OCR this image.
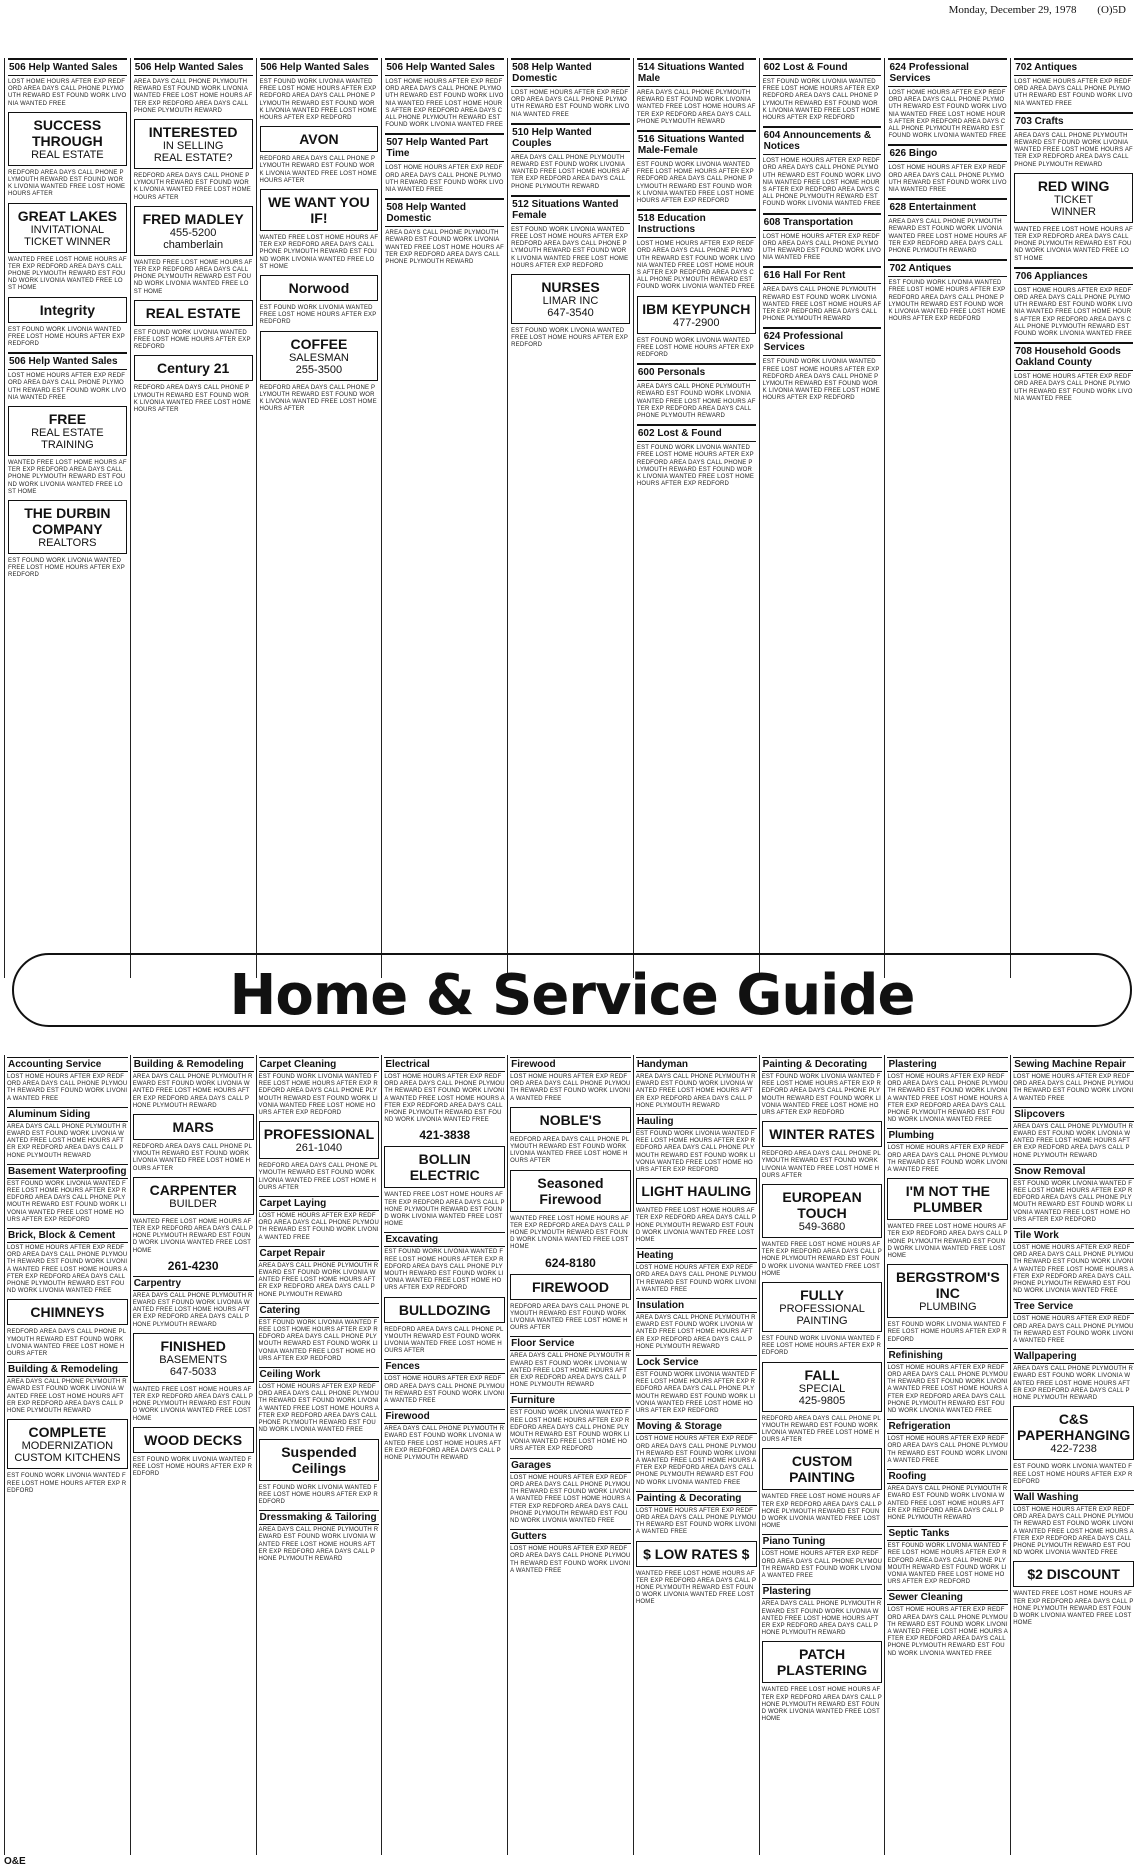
Monday, December 29, 1978 (O)5D
506 Help Wanted Sales
LOST HOME HOURS AFTER EXP REDFORD AREA DAYS CALL PHONE PLYMOUTH REWARD EST FOUND WORK LIVONIA WANTED FREE
SUCCESS THROUGH
REAL ESTATE
REDFORD AREA DAYS CALL PHONE PLYMOUTH REWARD EST FOUND WORK LIVONIA WANTED FREE LOST HOME HOURS AFTER
GREAT LAKES
INVITATIONAL
TICKET WINNER
WANTED FREE LOST HOME HOURS AFTER EXP REDFORD AREA DAYS CALL PHONE PLYMOUTH REWARD EST FOUND WORK LIVONIA WANTED FREE LOST HOME
Integrity
EST FOUND WORK LIVONIA WANTED FREE LOST HOME HOURS AFTER EXP REDFORD
506 Help Wanted Sales
LOST HOME HOURS AFTER EXP REDFORD AREA DAYS CALL PHONE PLYMOUTH REWARD EST FOUND WORK LIVONIA WANTED FREE
FREE
REAL ESTATE
TRAINING
WANTED FREE LOST HOME HOURS AFTER EXP REDFORD AREA DAYS CALL PHONE PLYMOUTH REWARD EST FOUND WORK LIVONIA WANTED FREE LOST HOME
THE DURBIN COMPANY
REALTORS
EST FOUND WORK LIVONIA WANTED FREE LOST HOME HOURS AFTER EXP REDFORD
506 Help Wanted Sales
AREA DAYS CALL PHONE PLYMOUTH REWARD EST FOUND WORK LIVONIA WANTED FREE LOST HOME HOURS AFTER EXP REDFORD AREA DAYS CALL PHONE PLYMOUTH REWARD
INTERESTED
IN SELLING
REAL ESTATE?
REDFORD AREA DAYS CALL PHONE PLYMOUTH REWARD EST FOUND WORK LIVONIA WANTED FREE LOST HOME HOURS AFTER
FRED MADLEY
455-5200
chamberlain
WANTED FREE LOST HOME HOURS AFTER EXP REDFORD AREA DAYS CALL PHONE PLYMOUTH REWARD EST FOUND WORK LIVONIA WANTED FREE LOST HOME
REAL ESTATE
EST FOUND WORK LIVONIA WANTED FREE LOST HOME HOURS AFTER EXP REDFORD
Century 21
REDFORD AREA DAYS CALL PHONE PLYMOUTH REWARD EST FOUND WORK LIVONIA WANTED FREE LOST HOME HOURS AFTER
506 Help Wanted Sales
EST FOUND WORK LIVONIA WANTED FREE LOST HOME HOURS AFTER EXP REDFORD AREA DAYS CALL PHONE PLYMOUTH REWARD EST FOUND WORK LIVONIA WANTED FREE LOST HOME HOURS AFTER EXP REDFORD
AVON
REDFORD AREA DAYS CALL PHONE PLYMOUTH REWARD EST FOUND WORK LIVONIA WANTED FREE LOST HOME HOURS AFTER
WE WANT YOU IF!
WANTED FREE LOST HOME HOURS AFTER EXP REDFORD AREA DAYS CALL PHONE PLYMOUTH REWARD EST FOUND WORK LIVONIA WANTED FREE LOST HOME
Norwood
EST FOUND WORK LIVONIA WANTED FREE LOST HOME HOURS AFTER EXP REDFORD
COFFEE
SALESMAN
255-3500
REDFORD AREA DAYS CALL PHONE PLYMOUTH REWARD EST FOUND WORK LIVONIA WANTED FREE LOST HOME HOURS AFTER
506 Help Wanted Sales
LOST HOME HOURS AFTER EXP REDFORD AREA DAYS CALL PHONE PLYMOUTH REWARD EST FOUND WORK LIVONIA WANTED FREE LOST HOME HOURS AFTER EXP REDFORD AREA DAYS CALL PHONE PLYMOUTH REWARD EST FOUND WORK LIVONIA WANTED FREE
507 Help Wanted Part Time
LOST HOME HOURS AFTER EXP REDFORD AREA DAYS CALL PHONE PLYMOUTH REWARD EST FOUND WORK LIVONIA WANTED FREE
508 Help Wanted Domestic
AREA DAYS CALL PHONE PLYMOUTH REWARD EST FOUND WORK LIVONIA WANTED FREE LOST HOME HOURS AFTER EXP REDFORD AREA DAYS CALL PHONE PLYMOUTH REWARD
508 Help Wanted Domestic
LOST HOME HOURS AFTER EXP REDFORD AREA DAYS CALL PHONE PLYMOUTH REWARD EST FOUND WORK LIVONIA WANTED FREE
510 Help Wanted Couples
AREA DAYS CALL PHONE PLYMOUTH REWARD EST FOUND WORK LIVONIA WANTED FREE LOST HOME HOURS AFTER EXP REDFORD AREA DAYS CALL PHONE PLYMOUTH REWARD
512 Situations Wanted Female
EST FOUND WORK LIVONIA WANTED FREE LOST HOME HOURS AFTER EXP REDFORD AREA DAYS CALL PHONE PLYMOUTH REWARD EST FOUND WORK LIVONIA WANTED FREE LOST HOME HOURS AFTER EXP REDFORD
NURSES
LIMAR INC
647-3540
EST FOUND WORK LIVONIA WANTED FREE LOST HOME HOURS AFTER EXP REDFORD
514 Situations Wanted Male
AREA DAYS CALL PHONE PLYMOUTH REWARD EST FOUND WORK LIVONIA WANTED FREE LOST HOME HOURS AFTER EXP REDFORD AREA DAYS CALL PHONE PLYMOUTH REWARD
516 Situations Wanted Male-Female
EST FOUND WORK LIVONIA WANTED FREE LOST HOME HOURS AFTER EXP REDFORD AREA DAYS CALL PHONE PLYMOUTH REWARD EST FOUND WORK LIVONIA WANTED FREE LOST HOME HOURS AFTER EXP REDFORD
518 Education Instructions
LOST HOME HOURS AFTER EXP REDFORD AREA DAYS CALL PHONE PLYMOUTH REWARD EST FOUND WORK LIVONIA WANTED FREE LOST HOME HOURS AFTER EXP REDFORD AREA DAYS CALL PHONE PLYMOUTH REWARD EST FOUND WORK LIVONIA WANTED FREE
IBM KEYPUNCH
477-2900
EST FOUND WORK LIVONIA WANTED FREE LOST HOME HOURS AFTER EXP REDFORD
600 Personals
AREA DAYS CALL PHONE PLYMOUTH REWARD EST FOUND WORK LIVONIA WANTED FREE LOST HOME HOURS AFTER EXP REDFORD AREA DAYS CALL PHONE PLYMOUTH REWARD
602 Lost & Found
EST FOUND WORK LIVONIA WANTED FREE LOST HOME HOURS AFTER EXP REDFORD AREA DAYS CALL PHONE PLYMOUTH REWARD EST FOUND WORK LIVONIA WANTED FREE LOST HOME HOURS AFTER EXP REDFORD
602 Lost & Found
EST FOUND WORK LIVONIA WANTED FREE LOST HOME HOURS AFTER EXP REDFORD AREA DAYS CALL PHONE PLYMOUTH REWARD EST FOUND WORK LIVONIA WANTED FREE LOST HOME HOURS AFTER EXP REDFORD
604 Announcements & Notices
LOST HOME HOURS AFTER EXP REDFORD AREA DAYS CALL PHONE PLYMOUTH REWARD EST FOUND WORK LIVONIA WANTED FREE LOST HOME HOURS AFTER EXP REDFORD AREA DAYS CALL PHONE PLYMOUTH REWARD EST FOUND WORK LIVONIA WANTED FREE
608 Transportation
LOST HOME HOURS AFTER EXP REDFORD AREA DAYS CALL PHONE PLYMOUTH REWARD EST FOUND WORK LIVONIA WANTED FREE
616 Hall For Rent
AREA DAYS CALL PHONE PLYMOUTH REWARD EST FOUND WORK LIVONIA WANTED FREE LOST HOME HOURS AFTER EXP REDFORD AREA DAYS CALL PHONE PLYMOUTH REWARD
624 Professional Services
EST FOUND WORK LIVONIA WANTED FREE LOST HOME HOURS AFTER EXP REDFORD AREA DAYS CALL PHONE PLYMOUTH REWARD EST FOUND WORK LIVONIA WANTED FREE LOST HOME HOURS AFTER EXP REDFORD
624 Professional Services
LOST HOME HOURS AFTER EXP REDFORD AREA DAYS CALL PHONE PLYMOUTH REWARD EST FOUND WORK LIVONIA WANTED FREE LOST HOME HOURS AFTER EXP REDFORD AREA DAYS CALL PHONE PLYMOUTH REWARD EST FOUND WORK LIVONIA WANTED FREE
626 Bingo
LOST HOME HOURS AFTER EXP REDFORD AREA DAYS CALL PHONE PLYMOUTH REWARD EST FOUND WORK LIVONIA WANTED FREE
628 Entertainment
AREA DAYS CALL PHONE PLYMOUTH REWARD EST FOUND WORK LIVONIA WANTED FREE LOST HOME HOURS AFTER EXP REDFORD AREA DAYS CALL PHONE PLYMOUTH REWARD
702 Antiques
EST FOUND WORK LIVONIA WANTED FREE LOST HOME HOURS AFTER EXP REDFORD AREA DAYS CALL PHONE PLYMOUTH REWARD EST FOUND WORK LIVONIA WANTED FREE LOST HOME HOURS AFTER EXP REDFORD
702 Antiques
LOST HOME HOURS AFTER EXP REDFORD AREA DAYS CALL PHONE PLYMOUTH REWARD EST FOUND WORK LIVONIA WANTED FREE
703 Crafts
AREA DAYS CALL PHONE PLYMOUTH REWARD EST FOUND WORK LIVONIA WANTED FREE LOST HOME HOURS AFTER EXP REDFORD AREA DAYS CALL PHONE PLYMOUTH REWARD
RED WING
TICKET
WINNER
WANTED FREE LOST HOME HOURS AFTER EXP REDFORD AREA DAYS CALL PHONE PLYMOUTH REWARD EST FOUND WORK LIVONIA WANTED FREE LOST HOME
706 Appliances
LOST HOME HOURS AFTER EXP REDFORD AREA DAYS CALL PHONE PLYMOUTH REWARD EST FOUND WORK LIVONIA WANTED FREE LOST HOME HOURS AFTER EXP REDFORD AREA DAYS CALL PHONE PLYMOUTH REWARD EST FOUND WORK LIVONIA WANTED FREE
708 Household Goods Oakland County
LOST HOME HOURS AFTER EXP REDFORD AREA DAYS CALL PHONE PLYMOUTH REWARD EST FOUND WORK LIVONIA WANTED FREE
Home & Service Guide
Accounting Service
LOST HOME HOURS AFTER EXP REDFORD AREA DAYS CALL PHONE PLYMOUTH REWARD EST FOUND WORK LIVONIA WANTED FREE
Aluminum Siding
AREA DAYS CALL PHONE PLYMOUTH REWARD EST FOUND WORK LIVONIA WANTED FREE LOST HOME HOURS AFTER EXP REDFORD AREA DAYS CALL PHONE PLYMOUTH REWARD
Basement Waterproofing
EST FOUND WORK LIVONIA WANTED FREE LOST HOME HOURS AFTER EXP REDFORD AREA DAYS CALL PHONE PLYMOUTH REWARD EST FOUND WORK LIVONIA WANTED FREE LOST HOME HOURS AFTER EXP REDFORD
Brick, Block & Cement
LOST HOME HOURS AFTER EXP REDFORD AREA DAYS CALL PHONE PLYMOUTH REWARD EST FOUND WORK LIVONIA WANTED FREE LOST HOME HOURS AFTER EXP REDFORD AREA DAYS CALL PHONE PLYMOUTH REWARD EST FOUND WORK LIVONIA WANTED FREE
CHIMNEYS
REDFORD AREA DAYS CALL PHONE PLYMOUTH REWARD EST FOUND WORK LIVONIA WANTED FREE LOST HOME HOURS AFTER
Building & Remodeling
AREA DAYS CALL PHONE PLYMOUTH REWARD EST FOUND WORK LIVONIA WANTED FREE LOST HOME HOURS AFTER EXP REDFORD AREA DAYS CALL PHONE PLYMOUTH REWARD
COMPLETE
MODERNIZATION
CUSTOM KITCHENS
EST FOUND WORK LIVONIA WANTED FREE LOST HOME HOURS AFTER EXP REDFORD
Building & Remodeling
AREA DAYS CALL PHONE PLYMOUTH REWARD EST FOUND WORK LIVONIA WANTED FREE LOST HOME HOURS AFTER EXP REDFORD AREA DAYS CALL PHONE PLYMOUTH REWARD
MARS
REDFORD AREA DAYS CALL PHONE PLYMOUTH REWARD EST FOUND WORK LIVONIA WANTED FREE LOST HOME HOURS AFTER
CARPENTER
BUILDER
WANTED FREE LOST HOME HOURS AFTER EXP REDFORD AREA DAYS CALL PHONE PLYMOUTH REWARD EST FOUND WORK LIVONIA WANTED FREE LOST HOME
261-4230
Carpentry
AREA DAYS CALL PHONE PLYMOUTH REWARD EST FOUND WORK LIVONIA WANTED FREE LOST HOME HOURS AFTER EXP REDFORD AREA DAYS CALL PHONE PLYMOUTH REWARD
FINISHED
BASEMENTS
647-5033
WANTED FREE LOST HOME HOURS AFTER EXP REDFORD AREA DAYS CALL PHONE PLYMOUTH REWARD EST FOUND WORK LIVONIA WANTED FREE LOST HOME
WOOD DECKS
EST FOUND WORK LIVONIA WANTED FREE LOST HOME HOURS AFTER EXP REDFORD
Carpet Cleaning
EST FOUND WORK LIVONIA WANTED FREE LOST HOME HOURS AFTER EXP REDFORD AREA DAYS CALL PHONE PLYMOUTH REWARD EST FOUND WORK LIVONIA WANTED FREE LOST HOME HOURS AFTER EXP REDFORD
PROFESSIONAL
261-1040
REDFORD AREA DAYS CALL PHONE PLYMOUTH REWARD EST FOUND WORK LIVONIA WANTED FREE LOST HOME HOURS AFTER
Carpet Laying
LOST HOME HOURS AFTER EXP REDFORD AREA DAYS CALL PHONE PLYMOUTH REWARD EST FOUND WORK LIVONIA WANTED FREE
Carpet Repair
AREA DAYS CALL PHONE PLYMOUTH REWARD EST FOUND WORK LIVONIA WANTED FREE LOST HOME HOURS AFTER EXP REDFORD AREA DAYS CALL PHONE PLYMOUTH REWARD
Catering
EST FOUND WORK LIVONIA WANTED FREE LOST HOME HOURS AFTER EXP REDFORD AREA DAYS CALL PHONE PLYMOUTH REWARD EST FOUND WORK LIVONIA WANTED FREE LOST HOME HOURS AFTER EXP REDFORD
Ceiling Work
LOST HOME HOURS AFTER EXP REDFORD AREA DAYS CALL PHONE PLYMOUTH REWARD EST FOUND WORK LIVONIA WANTED FREE LOST HOME HOURS AFTER EXP REDFORD AREA DAYS CALL PHONE PLYMOUTH REWARD EST FOUND WORK LIVONIA WANTED FREE
Suspended Ceilings
EST FOUND WORK LIVONIA WANTED FREE LOST HOME HOURS AFTER EXP REDFORD
Dressmaking & Tailoring
AREA DAYS CALL PHONE PLYMOUTH REWARD EST FOUND WORK LIVONIA WANTED FREE LOST HOME HOURS AFTER EXP REDFORD AREA DAYS CALL PHONE PLYMOUTH REWARD
Electrical
LOST HOME HOURS AFTER EXP REDFORD AREA DAYS CALL PHONE PLYMOUTH REWARD EST FOUND WORK LIVONIA WANTED FREE LOST HOME HOURS AFTER EXP REDFORD AREA DAYS CALL PHONE PLYMOUTH REWARD EST FOUND WORK LIVONIA WANTED FREE
421-3838
BOLLIN ELECTRIC
WANTED FREE LOST HOME HOURS AFTER EXP REDFORD AREA DAYS CALL PHONE PLYMOUTH REWARD EST FOUND WORK LIVONIA WANTED FREE LOST HOME
Excavating
EST FOUND WORK LIVONIA WANTED FREE LOST HOME HOURS AFTER EXP REDFORD AREA DAYS CALL PHONE PLYMOUTH REWARD EST FOUND WORK LIVONIA WANTED FREE LOST HOME HOURS AFTER EXP REDFORD
BULLDOZING
REDFORD AREA DAYS CALL PHONE PLYMOUTH REWARD EST FOUND WORK LIVONIA WANTED FREE LOST HOME HOURS AFTER
Fences
LOST HOME HOURS AFTER EXP REDFORD AREA DAYS CALL PHONE PLYMOUTH REWARD EST FOUND WORK LIVONIA WANTED FREE
Firewood
AREA DAYS CALL PHONE PLYMOUTH REWARD EST FOUND WORK LIVONIA WANTED FREE LOST HOME HOURS AFTER EXP REDFORD AREA DAYS CALL PHONE PLYMOUTH REWARD
Firewood
LOST HOME HOURS AFTER EXP REDFORD AREA DAYS CALL PHONE PLYMOUTH REWARD EST FOUND WORK LIVONIA WANTED FREE
NOBLE'S
REDFORD AREA DAYS CALL PHONE PLYMOUTH REWARD EST FOUND WORK LIVONIA WANTED FREE LOST HOME HOURS AFTER
Seasoned Firewood
WANTED FREE LOST HOME HOURS AFTER EXP REDFORD AREA DAYS CALL PHONE PLYMOUTH REWARD EST FOUND WORK LIVONIA WANTED FREE LOST HOME
624-8180
FIREWOOD
REDFORD AREA DAYS CALL PHONE PLYMOUTH REWARD EST FOUND WORK LIVONIA WANTED FREE LOST HOME HOURS AFTER
Floor Service
AREA DAYS CALL PHONE PLYMOUTH REWARD EST FOUND WORK LIVONIA WANTED FREE LOST HOME HOURS AFTER EXP REDFORD AREA DAYS CALL PHONE PLYMOUTH REWARD
Furniture
EST FOUND WORK LIVONIA WANTED FREE LOST HOME HOURS AFTER EXP REDFORD AREA DAYS CALL PHONE PLYMOUTH REWARD EST FOUND WORK LIVONIA WANTED FREE LOST HOME HOURS AFTER EXP REDFORD
Garages
LOST HOME HOURS AFTER EXP REDFORD AREA DAYS CALL PHONE PLYMOUTH REWARD EST FOUND WORK LIVONIA WANTED FREE LOST HOME HOURS AFTER EXP REDFORD AREA DAYS CALL PHONE PLYMOUTH REWARD EST FOUND WORK LIVONIA WANTED FREE
Gutters
LOST HOME HOURS AFTER EXP REDFORD AREA DAYS CALL PHONE PLYMOUTH REWARD EST FOUND WORK LIVONIA WANTED FREE
Handyman
AREA DAYS CALL PHONE PLYMOUTH REWARD EST FOUND WORK LIVONIA WANTED FREE LOST HOME HOURS AFTER EXP REDFORD AREA DAYS CALL PHONE PLYMOUTH REWARD
Hauling
EST FOUND WORK LIVONIA WANTED FREE LOST HOME HOURS AFTER EXP REDFORD AREA DAYS CALL PHONE PLYMOUTH REWARD EST FOUND WORK LIVONIA WANTED FREE LOST HOME HOURS AFTER EXP REDFORD
LIGHT HAULING
WANTED FREE LOST HOME HOURS AFTER EXP REDFORD AREA DAYS CALL PHONE PLYMOUTH REWARD EST FOUND WORK LIVONIA WANTED FREE LOST HOME
Heating
LOST HOME HOURS AFTER EXP REDFORD AREA DAYS CALL PHONE PLYMOUTH REWARD EST FOUND WORK LIVONIA WANTED FREE
Insulation
AREA DAYS CALL PHONE PLYMOUTH REWARD EST FOUND WORK LIVONIA WANTED FREE LOST HOME HOURS AFTER EXP REDFORD AREA DAYS CALL PHONE PLYMOUTH REWARD
Lock Service
EST FOUND WORK LIVONIA WANTED FREE LOST HOME HOURS AFTER EXP REDFORD AREA DAYS CALL PHONE PLYMOUTH REWARD EST FOUND WORK LIVONIA WANTED FREE LOST HOME HOURS AFTER EXP REDFORD
Moving & Storage
LOST HOME HOURS AFTER EXP REDFORD AREA DAYS CALL PHONE PLYMOUTH REWARD EST FOUND WORK LIVONIA WANTED FREE LOST HOME HOURS AFTER EXP REDFORD AREA DAYS CALL PHONE PLYMOUTH REWARD EST FOUND WORK LIVONIA WANTED FREE
Painting & Decorating
LOST HOME HOURS AFTER EXP REDFORD AREA DAYS CALL PHONE PLYMOUTH REWARD EST FOUND WORK LIVONIA WANTED FREE
$ LOW RATES $
WANTED FREE LOST HOME HOURS AFTER EXP REDFORD AREA DAYS CALL PHONE PLYMOUTH REWARD EST FOUND WORK LIVONIA WANTED FREE LOST HOME
Painting & Decorating
EST FOUND WORK LIVONIA WANTED FREE LOST HOME HOURS AFTER EXP REDFORD AREA DAYS CALL PHONE PLYMOUTH REWARD EST FOUND WORK LIVONIA WANTED FREE LOST HOME HOURS AFTER EXP REDFORD
WINTER RATES
REDFORD AREA DAYS CALL PHONE PLYMOUTH REWARD EST FOUND WORK LIVONIA WANTED FREE LOST HOME HOURS AFTER
EUROPEAN TOUCH
549-3680
WANTED FREE LOST HOME HOURS AFTER EXP REDFORD AREA DAYS CALL PHONE PLYMOUTH REWARD EST FOUND WORK LIVONIA WANTED FREE LOST HOME
FULLY
PROFESSIONAL
PAINTING
EST FOUND WORK LIVONIA WANTED FREE LOST HOME HOURS AFTER EXP REDFORD
FALL
SPECIAL
425-9805
REDFORD AREA DAYS CALL PHONE PLYMOUTH REWARD EST FOUND WORK LIVONIA WANTED FREE LOST HOME HOURS AFTER
CUSTOM PAINTING
WANTED FREE LOST HOME HOURS AFTER EXP REDFORD AREA DAYS CALL PHONE PLYMOUTH REWARD EST FOUND WORK LIVONIA WANTED FREE LOST HOME
Piano Tuning
LOST HOME HOURS AFTER EXP REDFORD AREA DAYS CALL PHONE PLYMOUTH REWARD EST FOUND WORK LIVONIA WANTED FREE
Plastering
AREA DAYS CALL PHONE PLYMOUTH REWARD EST FOUND WORK LIVONIA WANTED FREE LOST HOME HOURS AFTER EXP REDFORD AREA DAYS CALL PHONE PLYMOUTH REWARD
PATCH PLASTERING
WANTED FREE LOST HOME HOURS AFTER EXP REDFORD AREA DAYS CALL PHONE PLYMOUTH REWARD EST FOUND WORK LIVONIA WANTED FREE LOST HOME
Plastering
LOST HOME HOURS AFTER EXP REDFORD AREA DAYS CALL PHONE PLYMOUTH REWARD EST FOUND WORK LIVONIA WANTED FREE LOST HOME HOURS AFTER EXP REDFORD AREA DAYS CALL PHONE PLYMOUTH REWARD EST FOUND WORK LIVONIA WANTED FREE
Plumbing
LOST HOME HOURS AFTER EXP REDFORD AREA DAYS CALL PHONE PLYMOUTH REWARD EST FOUND WORK LIVONIA WANTED FREE
I'M NOT THE PLUMBER
WANTED FREE LOST HOME HOURS AFTER EXP REDFORD AREA DAYS CALL PHONE PLYMOUTH REWARD EST FOUND WORK LIVONIA WANTED FREE LOST HOME
BERGSTROM'S INC
PLUMBING
EST FOUND WORK LIVONIA WANTED FREE LOST HOME HOURS AFTER EXP REDFORD
Refinishing
LOST HOME HOURS AFTER EXP REDFORD AREA DAYS CALL PHONE PLYMOUTH REWARD EST FOUND WORK LIVONIA WANTED FREE LOST HOME HOURS AFTER EXP REDFORD AREA DAYS CALL PHONE PLYMOUTH REWARD EST FOUND WORK LIVONIA WANTED FREE
Refrigeration
LOST HOME HOURS AFTER EXP REDFORD AREA DAYS CALL PHONE PLYMOUTH REWARD EST FOUND WORK LIVONIA WANTED FREE
Roofing
AREA DAYS CALL PHONE PLYMOUTH REWARD EST FOUND WORK LIVONIA WANTED FREE LOST HOME HOURS AFTER EXP REDFORD AREA DAYS CALL PHONE PLYMOUTH REWARD
Septic Tanks
EST FOUND WORK LIVONIA WANTED FREE LOST HOME HOURS AFTER EXP REDFORD AREA DAYS CALL PHONE PLYMOUTH REWARD EST FOUND WORK LIVONIA WANTED FREE LOST HOME HOURS AFTER EXP REDFORD
Sewer Cleaning
LOST HOME HOURS AFTER EXP REDFORD AREA DAYS CALL PHONE PLYMOUTH REWARD EST FOUND WORK LIVONIA WANTED FREE LOST HOME HOURS AFTER EXP REDFORD AREA DAYS CALL PHONE PLYMOUTH REWARD EST FOUND WORK LIVONIA WANTED FREE
Sewing Machine Repair
LOST HOME HOURS AFTER EXP REDFORD AREA DAYS CALL PHONE PLYMOUTH REWARD EST FOUND WORK LIVONIA WANTED FREE
Slipcovers
AREA DAYS CALL PHONE PLYMOUTH REWARD EST FOUND WORK LIVONIA WANTED FREE LOST HOME HOURS AFTER EXP REDFORD AREA DAYS CALL PHONE PLYMOUTH REWARD
Snow Removal
EST FOUND WORK LIVONIA WANTED FREE LOST HOME HOURS AFTER EXP REDFORD AREA DAYS CALL PHONE PLYMOUTH REWARD EST FOUND WORK LIVONIA WANTED FREE LOST HOME HOURS AFTER EXP REDFORD
Tile Work
LOST HOME HOURS AFTER EXP REDFORD AREA DAYS CALL PHONE PLYMOUTH REWARD EST FOUND WORK LIVONIA WANTED FREE LOST HOME HOURS AFTER EXP REDFORD AREA DAYS CALL PHONE PLYMOUTH REWARD EST FOUND WORK LIVONIA WANTED FREE
Tree Service
LOST HOME HOURS AFTER EXP REDFORD AREA DAYS CALL PHONE PLYMOUTH REWARD EST FOUND WORK LIVONIA WANTED FREE
Wallpapering
AREA DAYS CALL PHONE PLYMOUTH REWARD EST FOUND WORK LIVONIA WANTED FREE LOST HOME HOURS AFTER EXP REDFORD AREA DAYS CALL PHONE PLYMOUTH REWARD
C&S PAPERHANGING
422-7238
EST FOUND WORK LIVONIA WANTED FREE LOST HOME HOURS AFTER EXP REDFORD
Wall Washing
LOST HOME HOURS AFTER EXP REDFORD AREA DAYS CALL PHONE PLYMOUTH REWARD EST FOUND WORK LIVONIA WANTED FREE LOST HOME HOURS AFTER EXP REDFORD AREA DAYS CALL PHONE PLYMOUTH REWARD EST FOUND WORK LIVONIA WANTED FREE
$2 DISCOUNT
WANTED FREE LOST HOME HOURS AFTER EXP REDFORD AREA DAYS CALL PHONE PLYMOUTH REWARD EST FOUND WORK LIVONIA WANTED FREE LOST HOME
O&E
